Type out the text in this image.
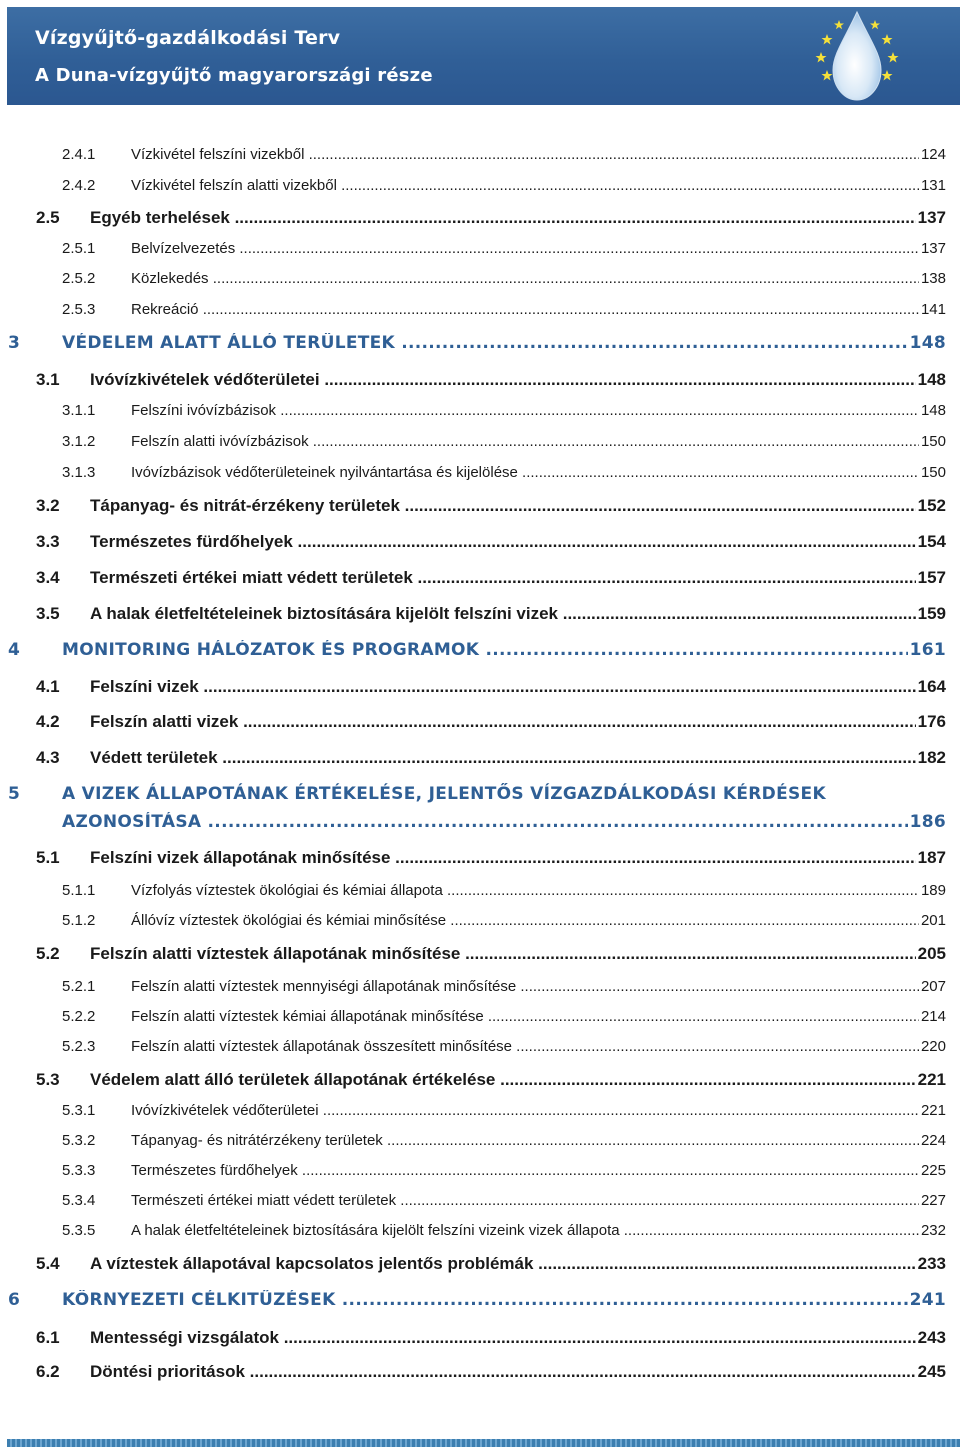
Vízgyűjtő-gazdálkodási Terv
A Duna-vízgyűjtő magyarországi része
2.4.1 Vízkivétel felszíni vizekből .....	124
2.4.2 Vízkivétel felszín alatti vizekből .....	131
2.5 Egyéb terhelések .....	137
2.5.1 Belvízelvezetés .....	137
2.5.2 Közlekedés .....	138
2.5.3 Rekreáció .....	141
3 VÉDELEM ALATT ÁLLÓ TERÜLETEK .....	148
3.1 Ivóvízkivételek védőterületei .....	148
3.1.1 Felszíni ivóvízbázisok .....	148
3.1.2 Felszín alatti ivóvízbázisok .....	150
3.1.3 Ivóvízbázisok védőterületeinek nyilvántartása és kijelölése .....	150
3.2 Tápanyag- és nitrát-érzékeny területek .....	152
3.3 Természetes fürdőhelyek .....	154
3.4 Természeti értékei miatt védett területek .....	157
3.5 A halak életfeltételeinek biztosítására kijelölt felszíni vizek .....	159
4 MONITORING HÁLÓZATOK ÉS PROGRAMOK .....	161
4.1 Felszíni vizek .....	164
4.2 Felszín alatti vizek .....	176
4.3 Védett területek .....	182
5 A VIZEK ÁLLAPOTÁNAK ÉRTÉKELÉSE, JELENTŐS VÍZGAZDÁLKODÁSI KÉRDÉSEK
AZONOSÍTÁSA .....	186
5.1 Felszíni vizek állapotának minősítése .....	187
5.1.1 Vízfolyás víztestek ökológiai és kémiai állapota .....	189
5.1.2 Állóvíz víztestek ökológiai és kémiai minősítése .....	201
5.2 Felszín alatti víztestek állapotának minősítése .....	205
5.2.1 Felszín alatti víztestek mennyiségi állapotának minősítése .....	207
5.2.2 Felszín alatti víztestek kémiai állapotának minősítése .....	214
5.2.3 Felszín alatti víztestek állapotának összesített minősítése .....	220
5.3 Védelem alatt álló területek állapotának értékelése .....	221
5.3.1 Ivóvízkivételek védőterületei .....	221
5.3.2 Tápanyag- és nitrátérzékeny területek .....	224
5.3.3 Természetes fürdőhelyek .....	225
5.3.4 Természeti értékei miatt védett területek .....	227
5.3.5 A halak életfeltételeinek biztosítására kijelölt felszíni vizeink vizek állapota .....	232
5.4 A víztestek állapotával kapcsolatos jelentős problémák .....	233
6 KÖRNYEZETI CÉLKITŰZÉSEK .....	241
6.1 Mentességi vizsgálatok .....	243
6.2 Döntési prioritások .....	245
